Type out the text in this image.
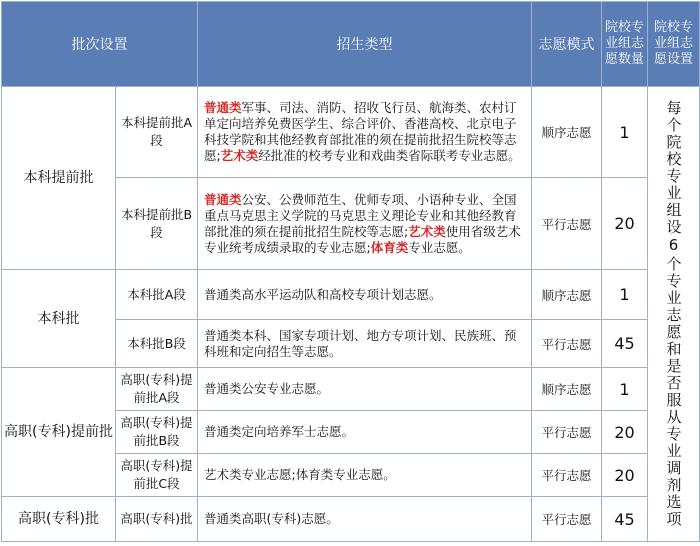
批次设置		招生类型	志愿模式	院校专业组志愿数量	院校专业组志愿设置
本科提前批	本科提前批A段	普通类军事、司法、消防、招收飞行员、航海类、农村订单定向培养免费医学生、综合评价、香港高校、北京电子科技学院和其他经教育部批准的须在提前批招生院校等志愿;艺术类经批准的校考专业和戏曲类省际联考专业志愿。	顺序志愿	1	每个院校专业组设6个专业志愿和是否服从专业调剂选项

	本科提前批B段	普通类公安、公费师范生、优师专项、小语种专业、全国重点马克思主义学院的马克思主义理论专业和其他经教育部批准的须在提前批招生院校等志愿;艺术类使用省级艺术专业统考成绩录取的专业志愿;体育类专业志愿。	平行志愿	20	
本科批	本科批A段	普通类高水平运动队和高校专项计划志愿。	顺序志愿	1	
	本科批B段	普通类本科、国家专项计划、地方专项计划、民族班、预科班和定向招生等志愿。	平行志愿	45	
高职(专科)提前批	高职(专科)提前批A段	普通类公安专业志愿。	顺序志愿	1	
	高职(专科)提前批B段	普通类定向培养军士志愿。	平行志愿	20	
	高职(专科)提前批C段	艺术类专业志愿;体育类专业志愿。	平行志愿	20	
高职(专科)批	高职(专科)批	普通类高职(专科)志愿。	平行志愿	45	
